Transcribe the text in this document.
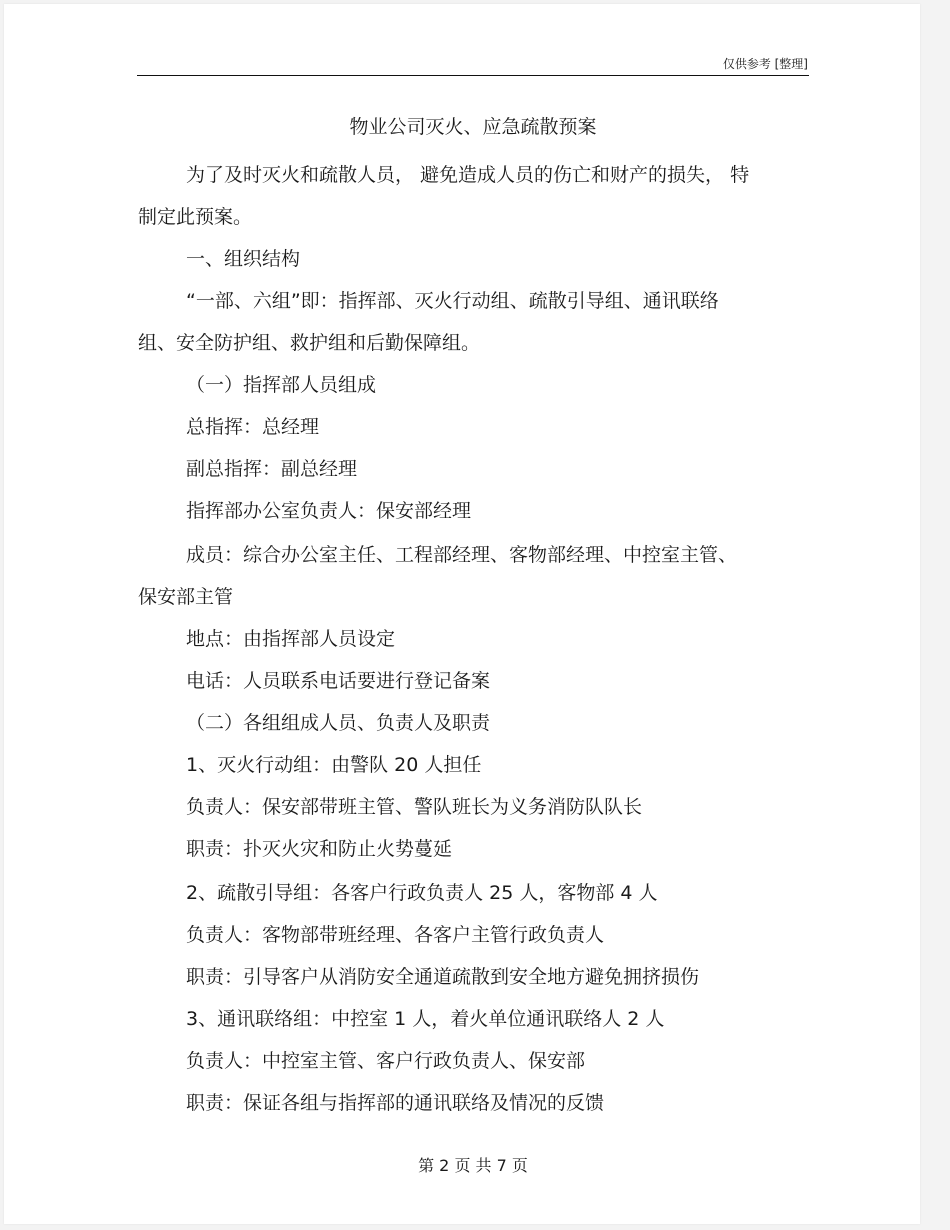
仅供参考 [整理]
物业公司灭火、应急疏散预案
为了及时灭火和疏散人员， 避免造成人员的伤亡和财产的损失， 特
制定此预案。
一、组织结构
“一部、六组”即：指挥部、灭火行动组、疏散引导组、通讯联络
组、安全防护组、救护组和后勤保障组。
（一）指挥部人员组成
总指挥：总经理
副总指挥：副总经理
指挥部办公室负责人：保安部经理
成员：综合办公室主任、工程部经理、客物部经理、中控室主管、
保安部主管
地点：由指挥部人员设定
电话：人员联系电话要进行登记备案
（二）各组组成人员、负责人及职责
1、灭火行动组：由警队 20 人担任
负责人：保安部带班主管、警队班长为义务消防队队长
职责：扑灭火灾和防止火势蔓延
2、疏散引导组：各客户行政负责人 25 人，客物部 4 人
负责人：客物部带班经理、各客户主管行政负责人
职责：引导客户从消防安全通道疏散到安全地方避免拥挤损伤
3、通讯联络组：中控室 1 人，着火单位通讯联络人 2 人
负责人：中控室主管、客户行政负责人、保安部
职责：保证各组与指挥部的通讯联络及情况的反馈
第 2 页 共 7 页
